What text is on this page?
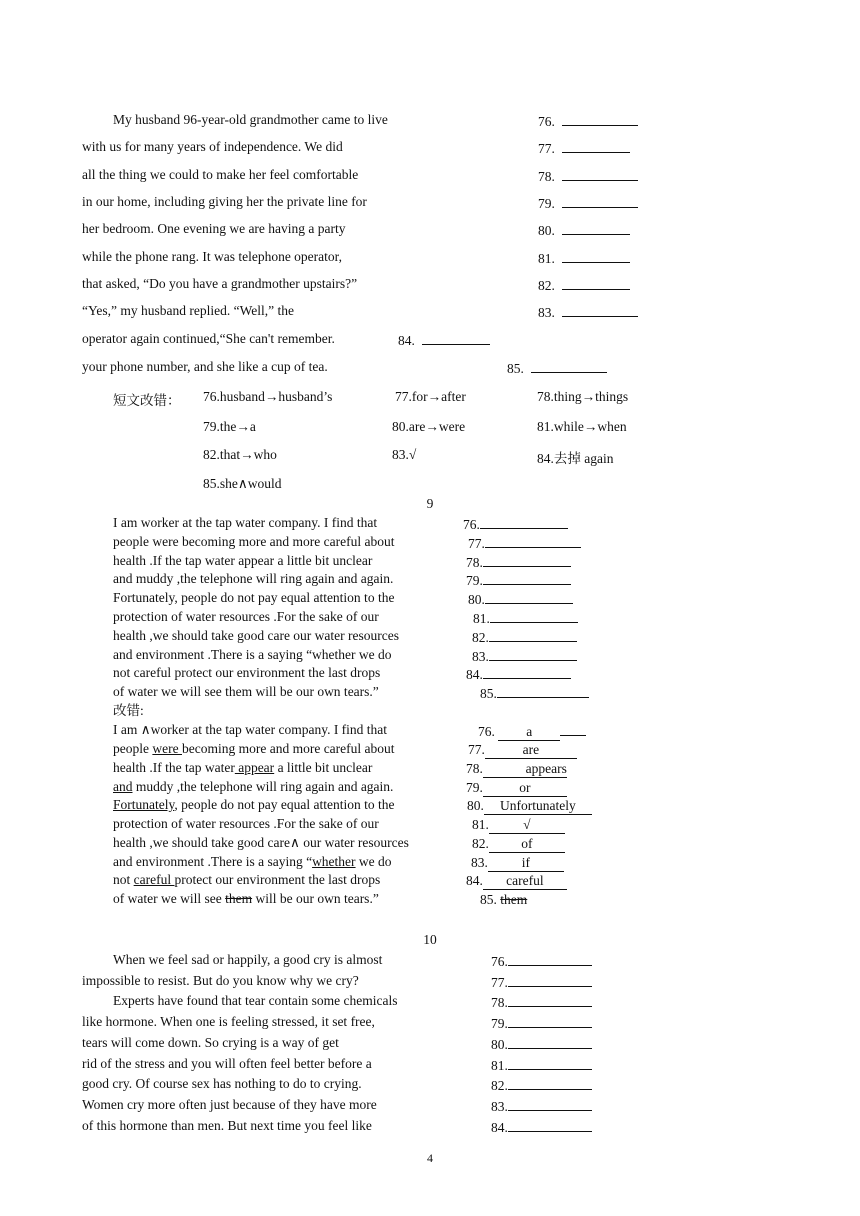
My husband 96-year-old grandmother came to live
with us for many years of independence. We did
all the thing we could to make her feel comfortable
in our home, including giving her the private line for
her bedroom. One evening we are having a party
while the phone rang. It was telephone operator,
that asked, “Do you have a grandmother upstairs?”
“Yes,” my husband replied. “Well,” the
operator again continued,“She can't remember.
your phone number, and she like a cup of tea.
76.
77.
78.
79.
80.
81.
82.
83.
84.
85.
短文改错： 76.husband→husband’s	77.for→after	78.thing→things
79.the→a	80.are→were	81.while→when
82.that→who	83.√	84.去掉 again
85.she∧would
9
I am worker at the tap water company. I find that
people were becoming more and more careful about
health .If the tap water appear a little bit unclear
and muddy ,the telephone will ring again and again.
Fortunately, people do not pay equal attention to the
protection of water resources .For the sake of our
health ,we should take good care our water resources
and environment .There is a saying “whether we do
not careful protect our environment the last drops
of water we will see them will be our own tears.”
76.
77.
78.
79.
80.
81.
82.
83.
84.
85.
改错:
I am ∧worker at the tap water company. I find that
people were becoming more and more careful about
health .If the tap water appear a little bit unclear
and muddy ,the telephone will ring again and again.
Fortunately, people do not pay equal attention to the
protection of water resources .For the sake of our
health ,we should take good care∧ our water resources
and environment .There is a saying “whether we do
not careful protect our environment the last drops
of water we will see them will be our own tears.”
76. a
77.	are
78.	appears
79.	or
80. Unfortunately
81.	√
82. of
83.	if
84. careful
85. them
10
When we feel sad or happily, a good cry is almost
impossible to resist. But do you know why we cry?
Experts have found that tear contain some chemicals
like hormone. When one is feeling stressed, it set free,
tears will come down. So crying is a way of get
rid of the stress and you will often feel better before a
good cry. Of course sex has nothing to do to crying.
Women cry more often just because of they have more
of this hormone than men. But next time you feel like
76.
77.
78.
79.
80.
81.
82.
83.
84.
4
